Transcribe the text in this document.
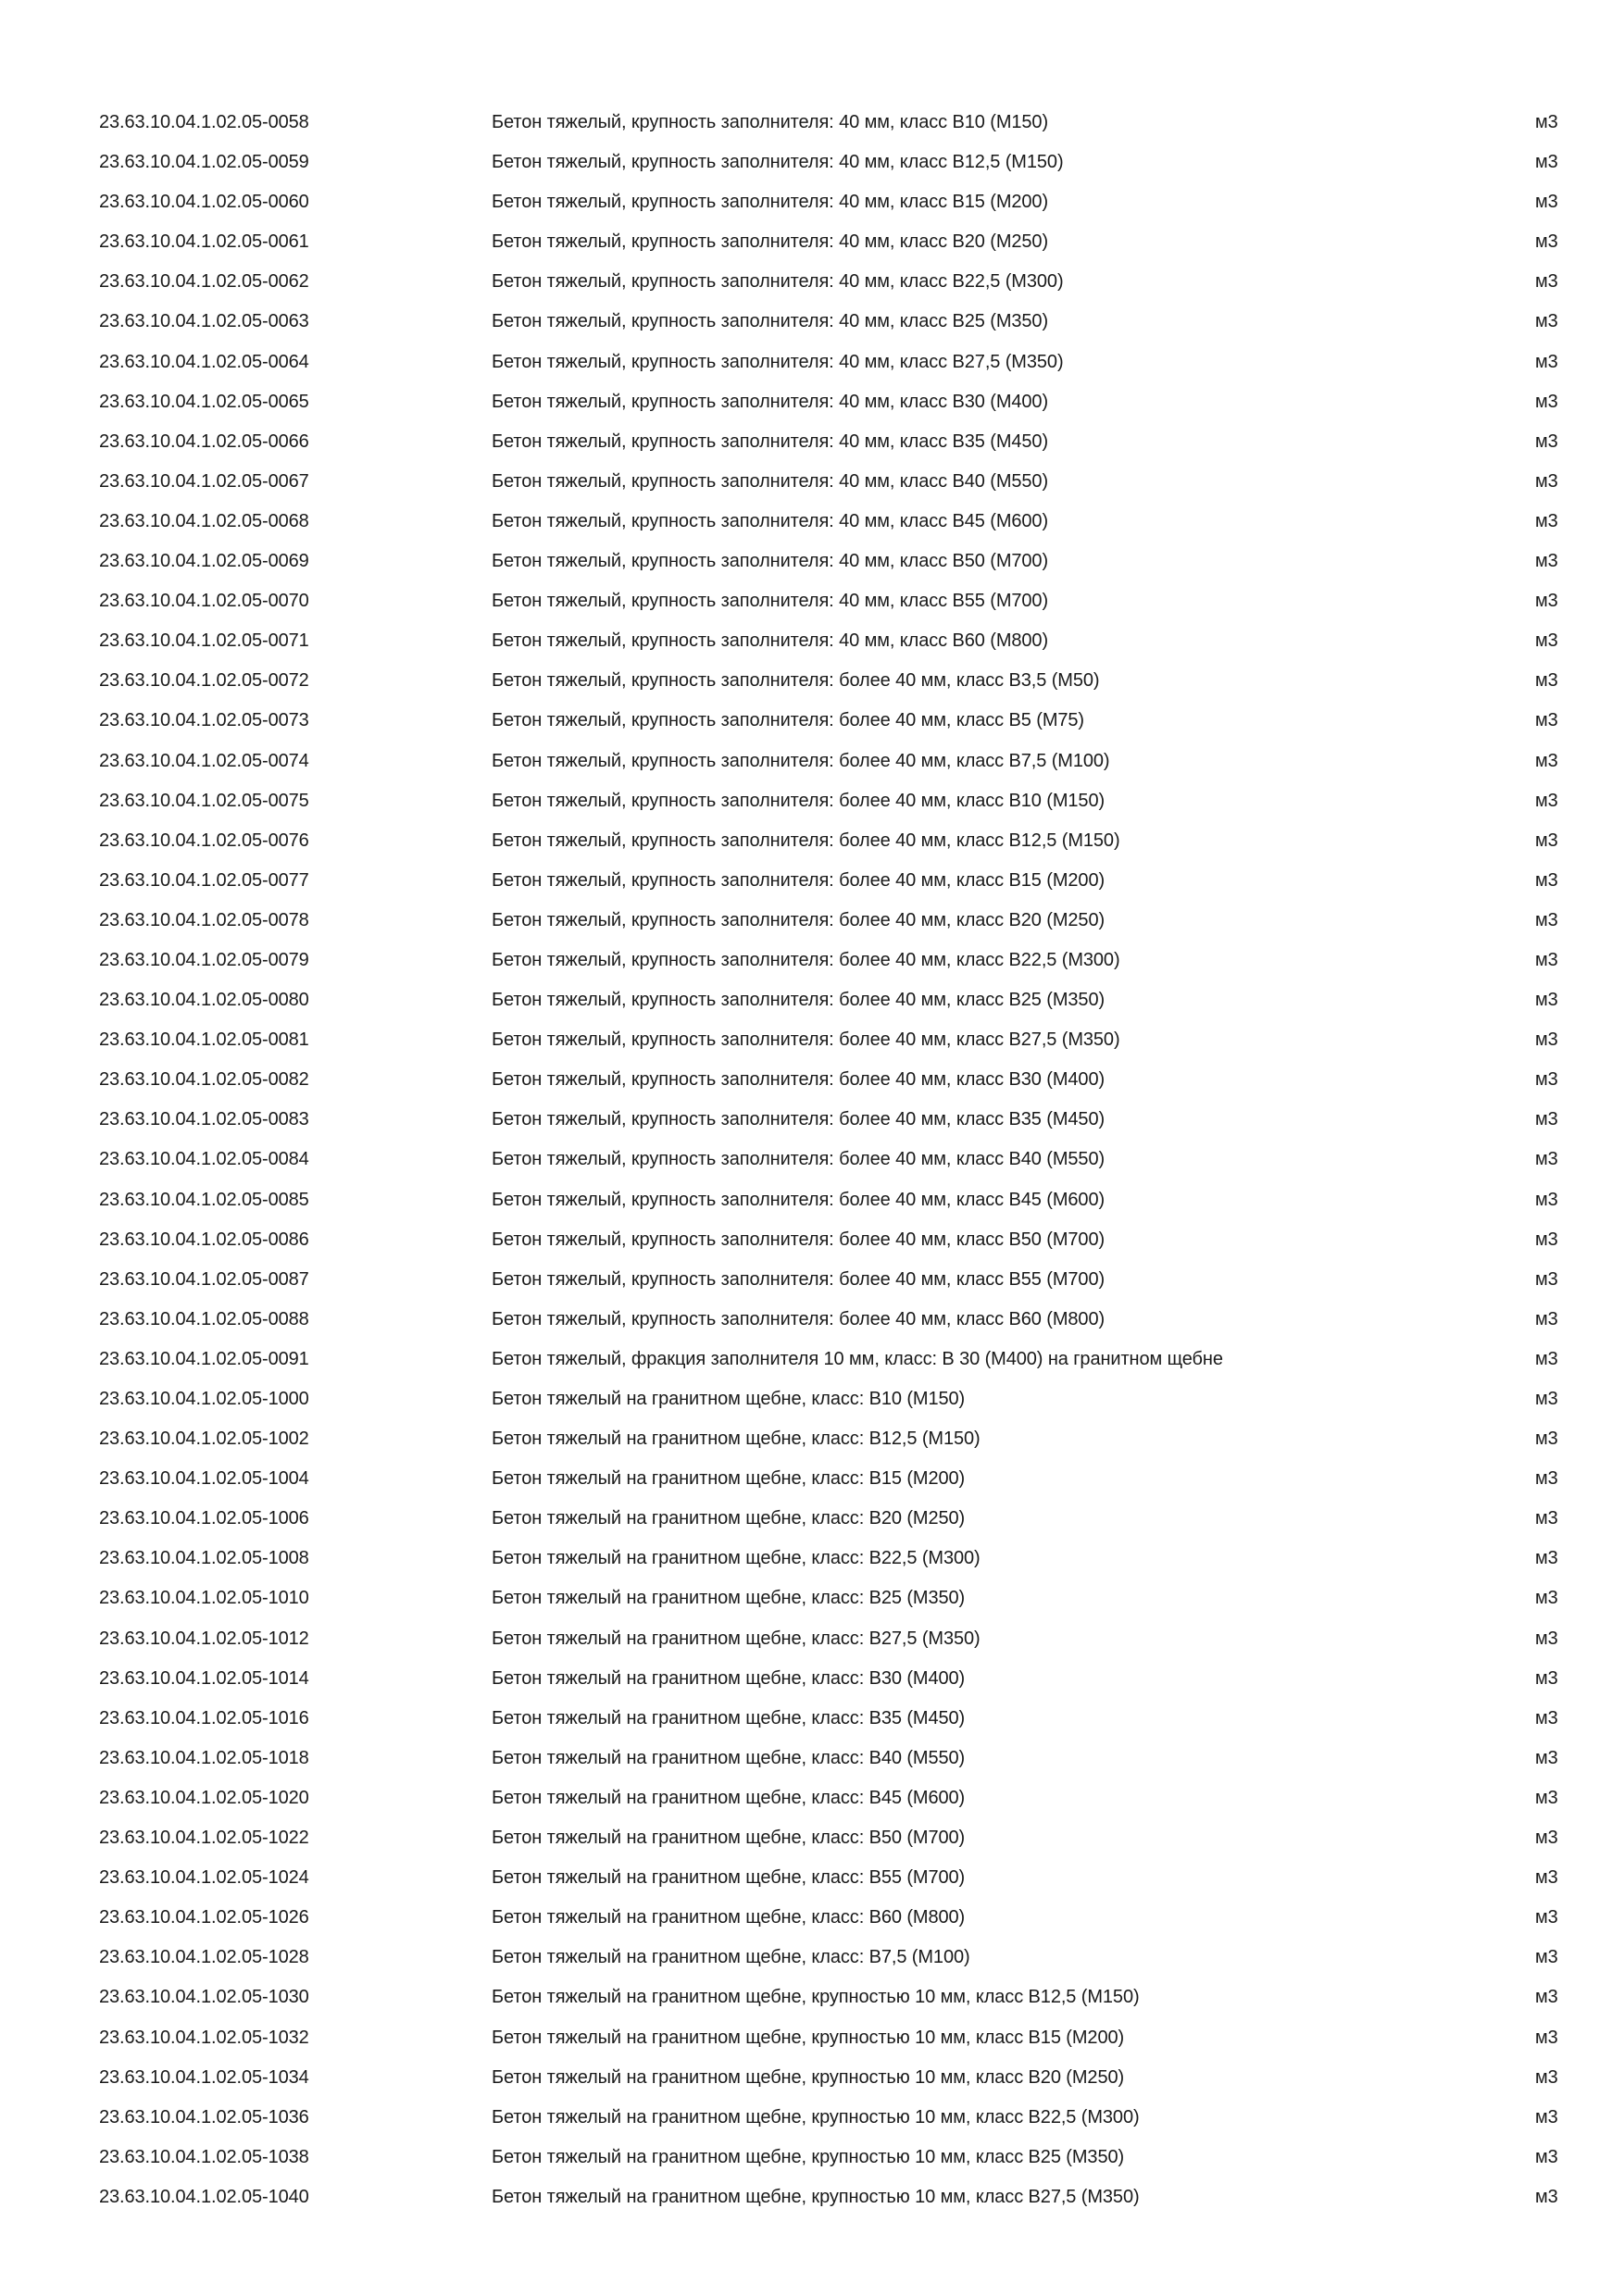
23.63.10.04.1.02.05-0058	Бетон тяжелый, крупность заполнителя: 40 мм, класс В10 (М150)	м3
23.63.10.04.1.02.05-0059	Бетон тяжелый, крупность заполнителя: 40 мм, класс В12,5 (М150)	м3
23.63.10.04.1.02.05-0060	Бетон тяжелый, крупность заполнителя: 40 мм, класс В15 (М200)	м3
23.63.10.04.1.02.05-0061	Бетон тяжелый, крупность заполнителя: 40 мм, класс В20 (М250)	м3
23.63.10.04.1.02.05-0062	Бетон тяжелый, крупность заполнителя: 40 мм, класс В22,5 (М300)	м3
23.63.10.04.1.02.05-0063	Бетон тяжелый, крупность заполнителя: 40 мм, класс В25 (М350)	м3
23.63.10.04.1.02.05-0064	Бетон тяжелый, крупность заполнителя: 40 мм, класс В27,5 (М350)	м3
23.63.10.04.1.02.05-0065	Бетон тяжелый, крупность заполнителя: 40 мм, класс В30 (М400)	м3
23.63.10.04.1.02.05-0066	Бетон тяжелый, крупность заполнителя: 40 мм, класс В35 (М450)	м3
23.63.10.04.1.02.05-0067	Бетон тяжелый, крупность заполнителя: 40 мм, класс В40 (М550)	м3
23.63.10.04.1.02.05-0068	Бетон тяжелый, крупность заполнителя: 40 мм, класс В45 (М600)	м3
23.63.10.04.1.02.05-0069	Бетон тяжелый, крупность заполнителя: 40 мм, класс В50 (М700)	м3
23.63.10.04.1.02.05-0070	Бетон тяжелый, крупность заполнителя: 40 мм, класс В55 (М700)	м3
23.63.10.04.1.02.05-0071	Бетон тяжелый, крупность заполнителя: 40 мм, класс В60 (М800)	м3
23.63.10.04.1.02.05-0072	Бетон тяжелый, крупность заполнителя: более 40 мм, класс В3,5 (М50)	м3
23.63.10.04.1.02.05-0073	Бетон тяжелый, крупность заполнителя: более 40 мм, класс В5 (М75)	м3
23.63.10.04.1.02.05-0074	Бетон тяжелый, крупность заполнителя: более 40 мм, класс В7,5 (М100)	м3
23.63.10.04.1.02.05-0075	Бетон тяжелый, крупность заполнителя: более 40 мм, класс В10 (М150)	м3
23.63.10.04.1.02.05-0076	Бетон тяжелый, крупность заполнителя: более 40 мм, класс В12,5 (М150)	м3
23.63.10.04.1.02.05-0077	Бетон тяжелый, крупность заполнителя: более 40 мм, класс В15 (М200)	м3
23.63.10.04.1.02.05-0078	Бетон тяжелый, крупность заполнителя: более 40 мм, класс В20 (М250)	м3
23.63.10.04.1.02.05-0079	Бетон тяжелый, крупность заполнителя: более 40 мм, класс В22,5 (М300)	м3
23.63.10.04.1.02.05-0080	Бетон тяжелый, крупность заполнителя: более 40 мм, класс В25 (М350)	м3
23.63.10.04.1.02.05-0081	Бетон тяжелый, крупность заполнителя: более 40 мм, класс В27,5 (М350)	м3
23.63.10.04.1.02.05-0082	Бетон тяжелый, крупность заполнителя: более 40 мм, класс В30 (М400)	м3
23.63.10.04.1.02.05-0083	Бетон тяжелый, крупность заполнителя: более 40 мм, класс В35 (М450)	м3
23.63.10.04.1.02.05-0084	Бетон тяжелый, крупность заполнителя: более 40 мм, класс В40 (М550)	м3
23.63.10.04.1.02.05-0085	Бетон тяжелый, крупность заполнителя: более 40 мм, класс В45 (М600)	м3
23.63.10.04.1.02.05-0086	Бетон тяжелый, крупность заполнителя: более 40 мм, класс В50 (М700)	м3
23.63.10.04.1.02.05-0087	Бетон тяжелый, крупность заполнителя: более 40 мм, класс В55 (М700)	м3
23.63.10.04.1.02.05-0088	Бетон тяжелый, крупность заполнителя: более 40 мм, класс В60 (М800)	м3
23.63.10.04.1.02.05-0091	Бетон тяжелый, фракция заполнителя 10 мм, класс: В 30 (М400) на гранитном щебне	м3
23.63.10.04.1.02.05-1000	Бетон тяжелый на гранитном щебне, класс: В10 (М150)	м3
23.63.10.04.1.02.05-1002	Бетон тяжелый на гранитном щебне, класс: В12,5 (М150)	м3
23.63.10.04.1.02.05-1004	Бетон тяжелый на гранитном щебне, класс: В15 (М200)	м3
23.63.10.04.1.02.05-1006	Бетон тяжелый на гранитном щебне, класс: В20 (М250)	м3
23.63.10.04.1.02.05-1008	Бетон тяжелый на гранитном щебне, класс: В22,5 (М300)	м3
23.63.10.04.1.02.05-1010	Бетон тяжелый на гранитном щебне, класс: В25 (М350)	м3
23.63.10.04.1.02.05-1012	Бетон тяжелый на гранитном щебне, класс: В27,5 (М350)	м3
23.63.10.04.1.02.05-1014	Бетон тяжелый на гранитном щебне, класс: В30 (М400)	м3
23.63.10.04.1.02.05-1016	Бетон тяжелый на гранитном щебне, класс: В35 (М450)	м3
23.63.10.04.1.02.05-1018	Бетон тяжелый на гранитном щебне, класс: В40 (М550)	м3
23.63.10.04.1.02.05-1020	Бетон тяжелый на гранитном щебне, класс: В45 (М600)	м3
23.63.10.04.1.02.05-1022	Бетон тяжелый на гранитном щебне, класс: В50 (М700)	м3
23.63.10.04.1.02.05-1024	Бетон тяжелый на гранитном щебне, класс: В55 (М700)	м3
23.63.10.04.1.02.05-1026	Бетон тяжелый на гранитном щебне, класс: В60 (М800)	м3
23.63.10.04.1.02.05-1028	Бетон тяжелый на гранитном щебне, класс: В7,5 (М100)	м3
23.63.10.04.1.02.05-1030	Бетон тяжелый на гранитном щебне, крупностью 10 мм, класс В12,5 (М150)	м3
23.63.10.04.1.02.05-1032	Бетон тяжелый на гранитном щебне, крупностью 10 мм, класс В15 (М200)	м3
23.63.10.04.1.02.05-1034	Бетон тяжелый на гранитном щебне, крупностью 10 мм, класс В20 (М250)	м3
23.63.10.04.1.02.05-1036	Бетон тяжелый на гранитном щебне, крупностью 10 мм, класс В22,5 (М300)	м3
23.63.10.04.1.02.05-1038	Бетон тяжелый на гранитном щебне, крупностью 10 мм, класс В25 (М350)	м3
23.63.10.04.1.02.05-1040	Бетон тяжелый на гранитном щебне, крупностью 10 мм, класс В27,5 (М350)	м3
